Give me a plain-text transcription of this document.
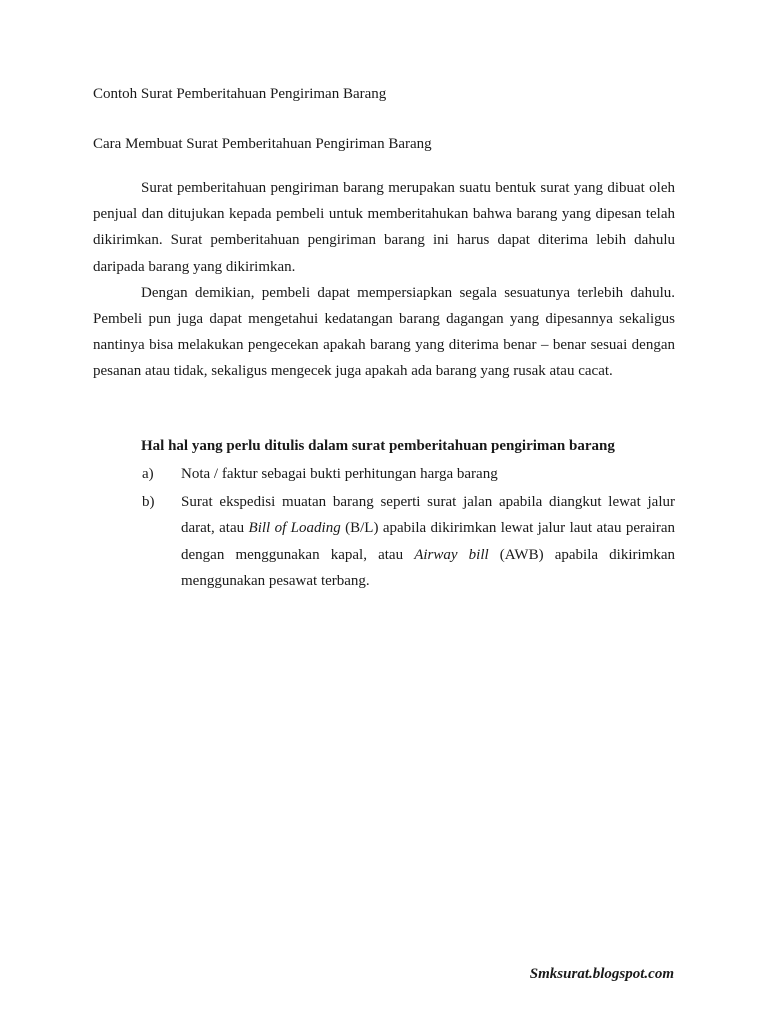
Contoh Surat Pemberitahuan Pengiriman Barang
Cara Membuat Surat Pemberitahuan Pengiriman Barang

Surat pemberitahuan pengiriman barang merupakan suatu bentuk surat yang dibuat oleh penjual dan ditujukan kepada pembeli untuk memberitahukan bahwa barang yang dipesan telah dikirimkan. Surat pemberitahuan pengiriman barang ini harus dapat diterima lebih dahulu daripada barang yang dikirimkan.

Dengan demikian, pembeli dapat mempersiapkan segala sesuatunya terlebih dahulu. Pembeli pun juga dapat mengetahui kedatangan barang dagangan yang dipesannya sekaligus nantinya bisa melakukan pengecekan apakah barang yang diterima benar – benar sesuai dengan pesanan atau tidak, sekaligus mengecek juga apakah ada barang yang rusak atau cacat.

Hal hal yang perlu ditulis dalam surat pemberitahuan pengiriman barang
a)	Nota / faktur sebagai bukti perhitungan harga barang
b)	Surat ekspedisi muatan barang seperti surat jalan apabila diangkut lewat jalur darat, atau Bill of Loading (B/L) apabila dikirimkan lewat jalur laut atau perairan dengan menggunakan kapal, atau Airway bill (AWB) apabila dikirimkan menggunakan pesawat terbang.
Smksurat.blogspot.com
